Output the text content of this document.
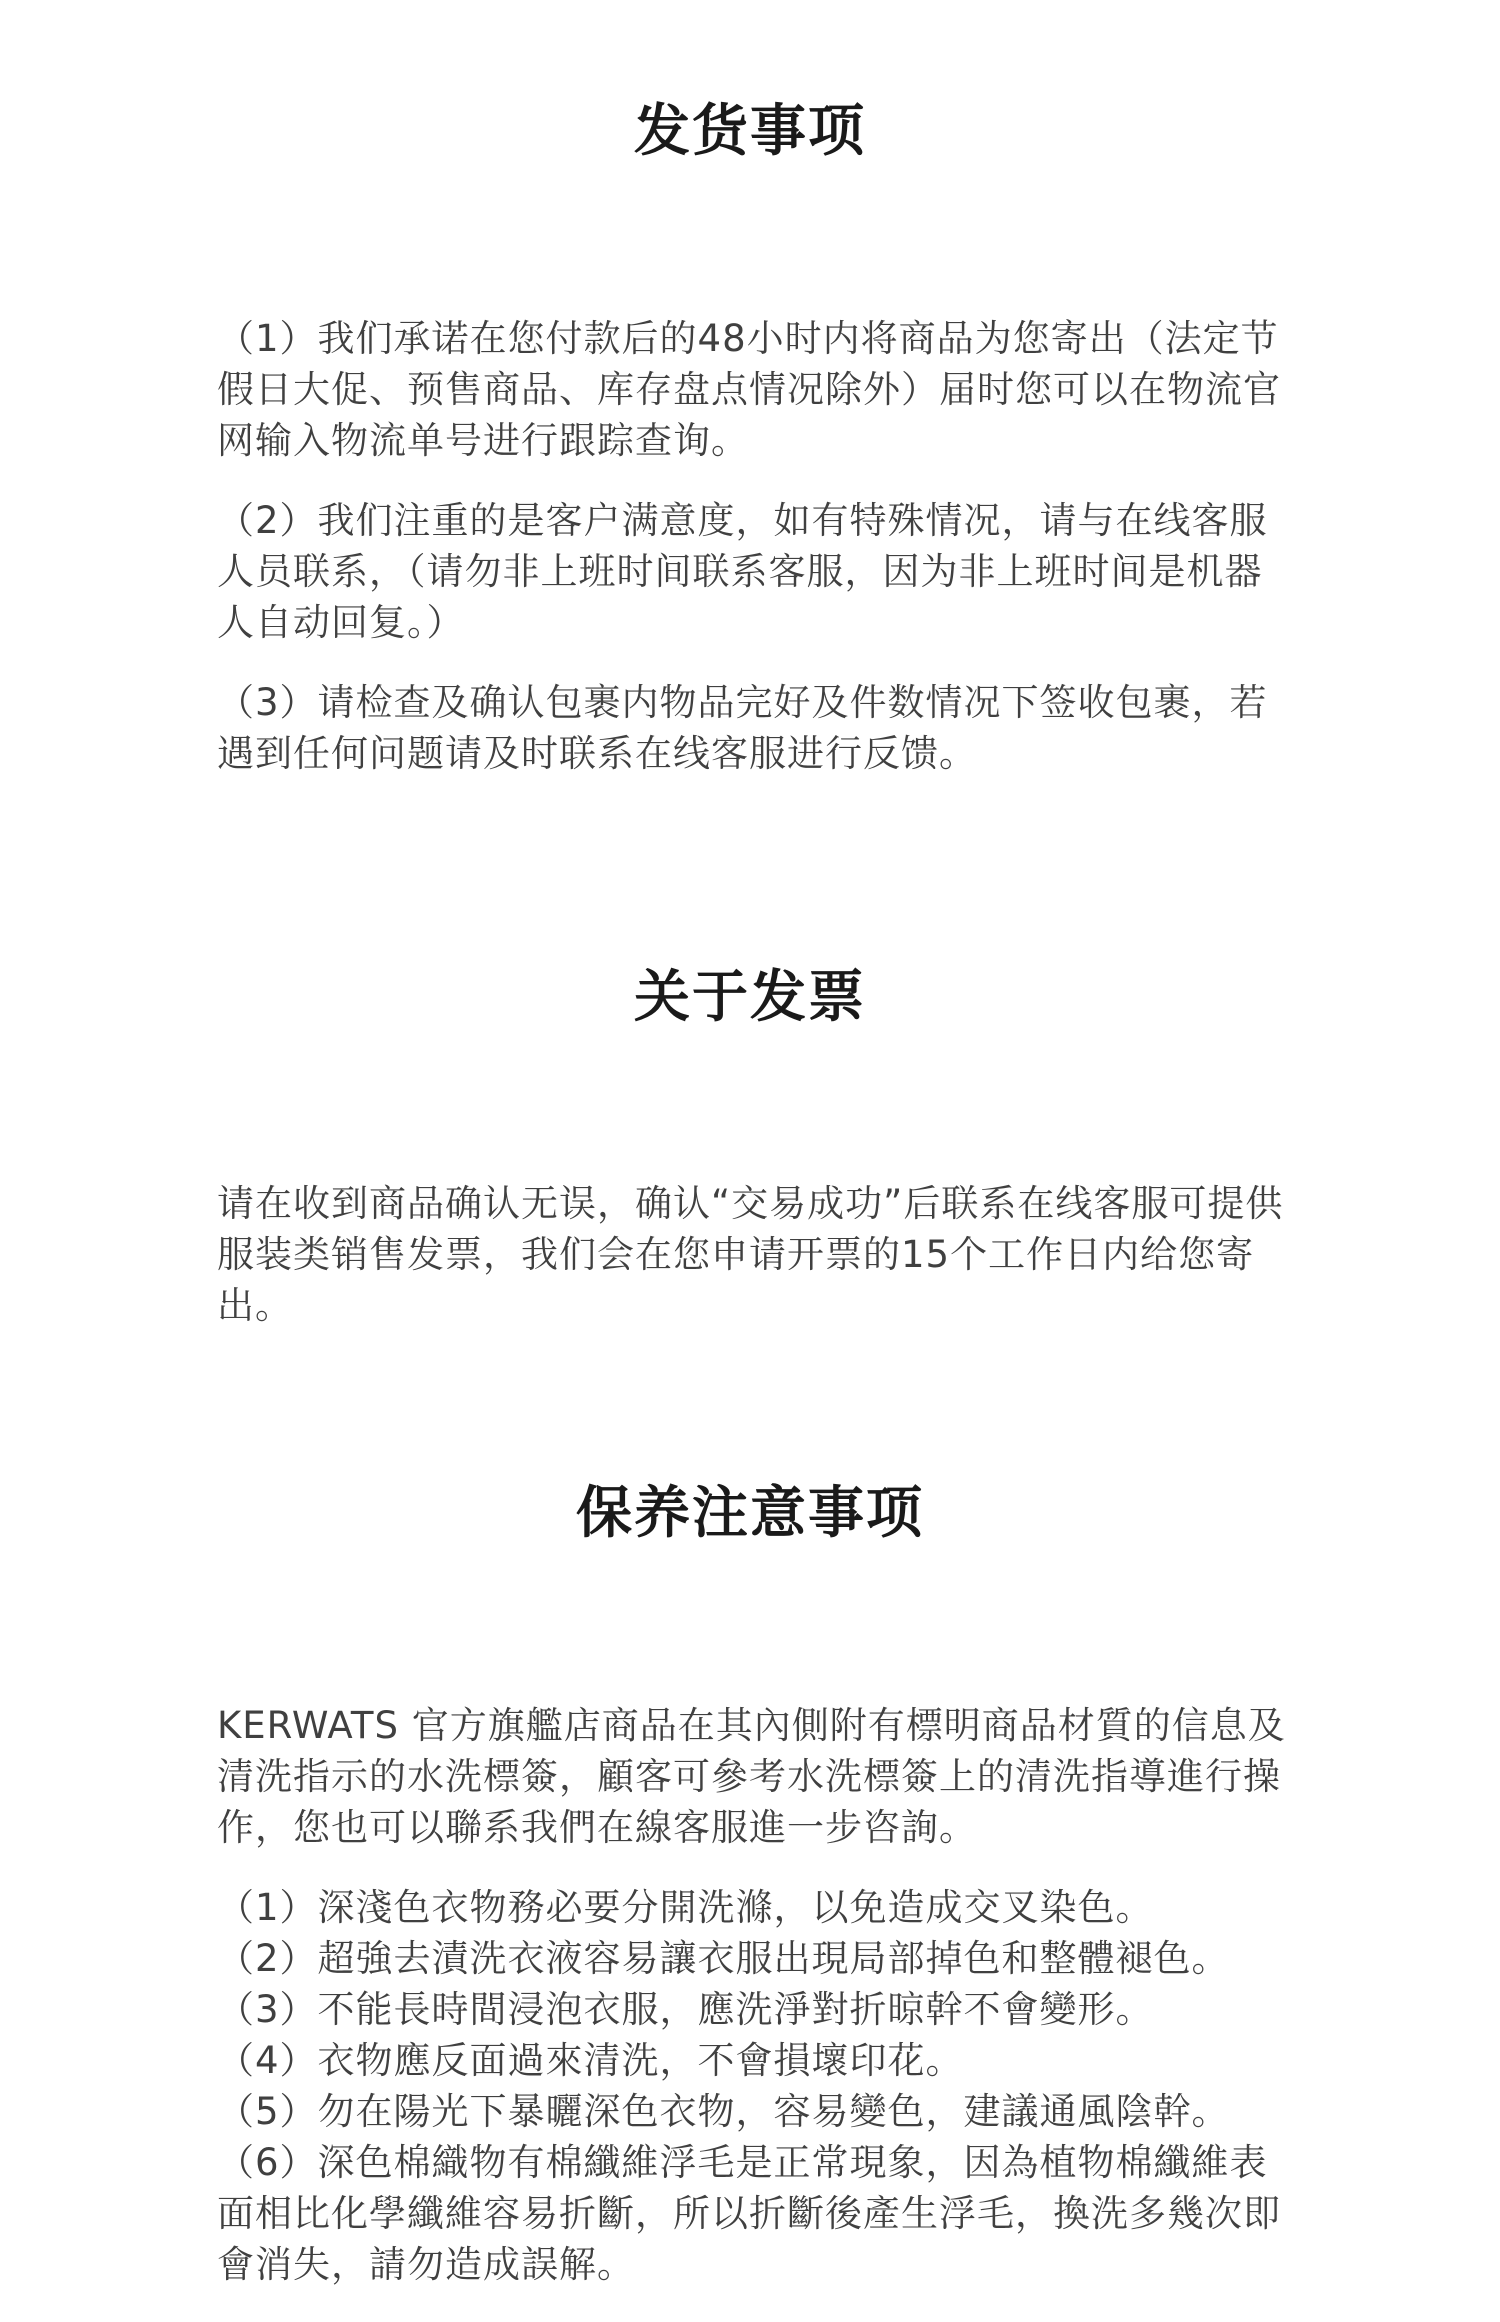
发货事项

（1）我们承诺在您付款后的48小时内将商品为您寄出（法定节假日大促、预售商品、库存盘点情况除外）届时您可以在物流官网输入物流单号进行跟踪查询。

（2）我们注重的是客户满意度，如有特殊情况，请与在线客服人员联系，（请勿非上班时间联系客服，因为非上班时间是机器人自动回复。）

（3）请检查及确认包裹内物品完好及件数情况下签收包裹，若遇到任何问题请及时联系在线客服进行反馈。

关于发票

请在收到商品确认无误，确认“交易成功”后联系在线客服可提供服装类销售发票，我们会在您申请开票的15个工作日内给您寄出。

保养注意事项

KERWATS 官方旗艦店商品在其內側附有標明商品材質的信息及清洗指示的水洗標簽，顧客可參考水洗標簽上的清洗指導進行操作，您也可以聯系我們在線客服進一步咨詢。

（1）深淺色衣物務必要分開洗滌，以免造成交叉染色。
（2）超強去漬洗衣液容易讓衣服出現局部掉色和整體褪色。
（3）不能長時間浸泡衣服，應洗淨對折晾幹不會變形。
（4）衣物應反面過來清洗，不會損壞印花。
（5）勿在陽光下暴曬深色衣物，容易變色，建議通風陰幹。
（6）深色棉織物有棉纖維浮毛是正常現象，因為植物棉纖維表面相比化學纖維容易折斷，所以折斷後產生浮毛，換洗多幾次即會消失，請勿造成誤解。
